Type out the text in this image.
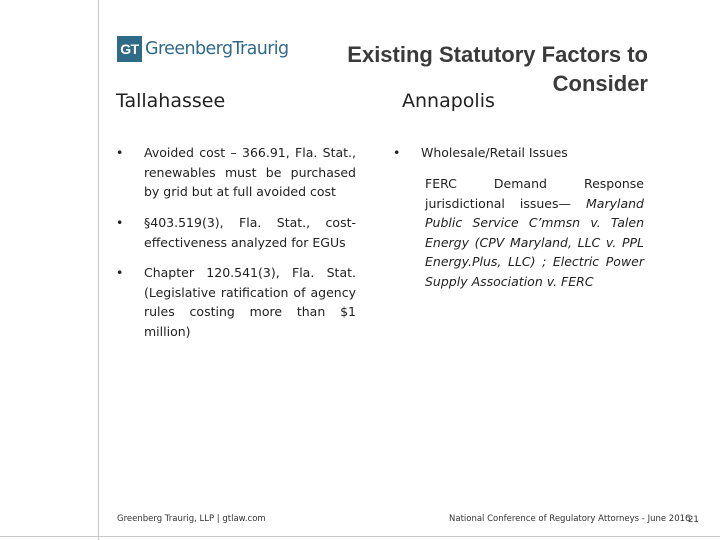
GT GreenbergTraurig	Existing Statutory Factors to Consider
Tallahassee	Annapolis
• Avoided cost – 366.91, Fla. Stat., renewables must be purchased by grid but at full avoided cost
• §403.519(3), Fla. Stat., cost-effectiveness analyzed for EGUs
• Chapter 120.541(3), Fla. Stat. (Legislative ratification of agency rules costing more than $1 million)
• Wholesale/Retail Issues
FERC Demand Response jurisdictional issues— Maryland Public Service C’mmsn v. Talen Energy (CPV Maryland, LLC v. PPL Energy.Plus, LLC) ; Electric Power Supply Association v. FERC
Greenberg Traurig, LLP | gtlaw.com	National Conference of Regulatory Attorneys - June 2016
21
